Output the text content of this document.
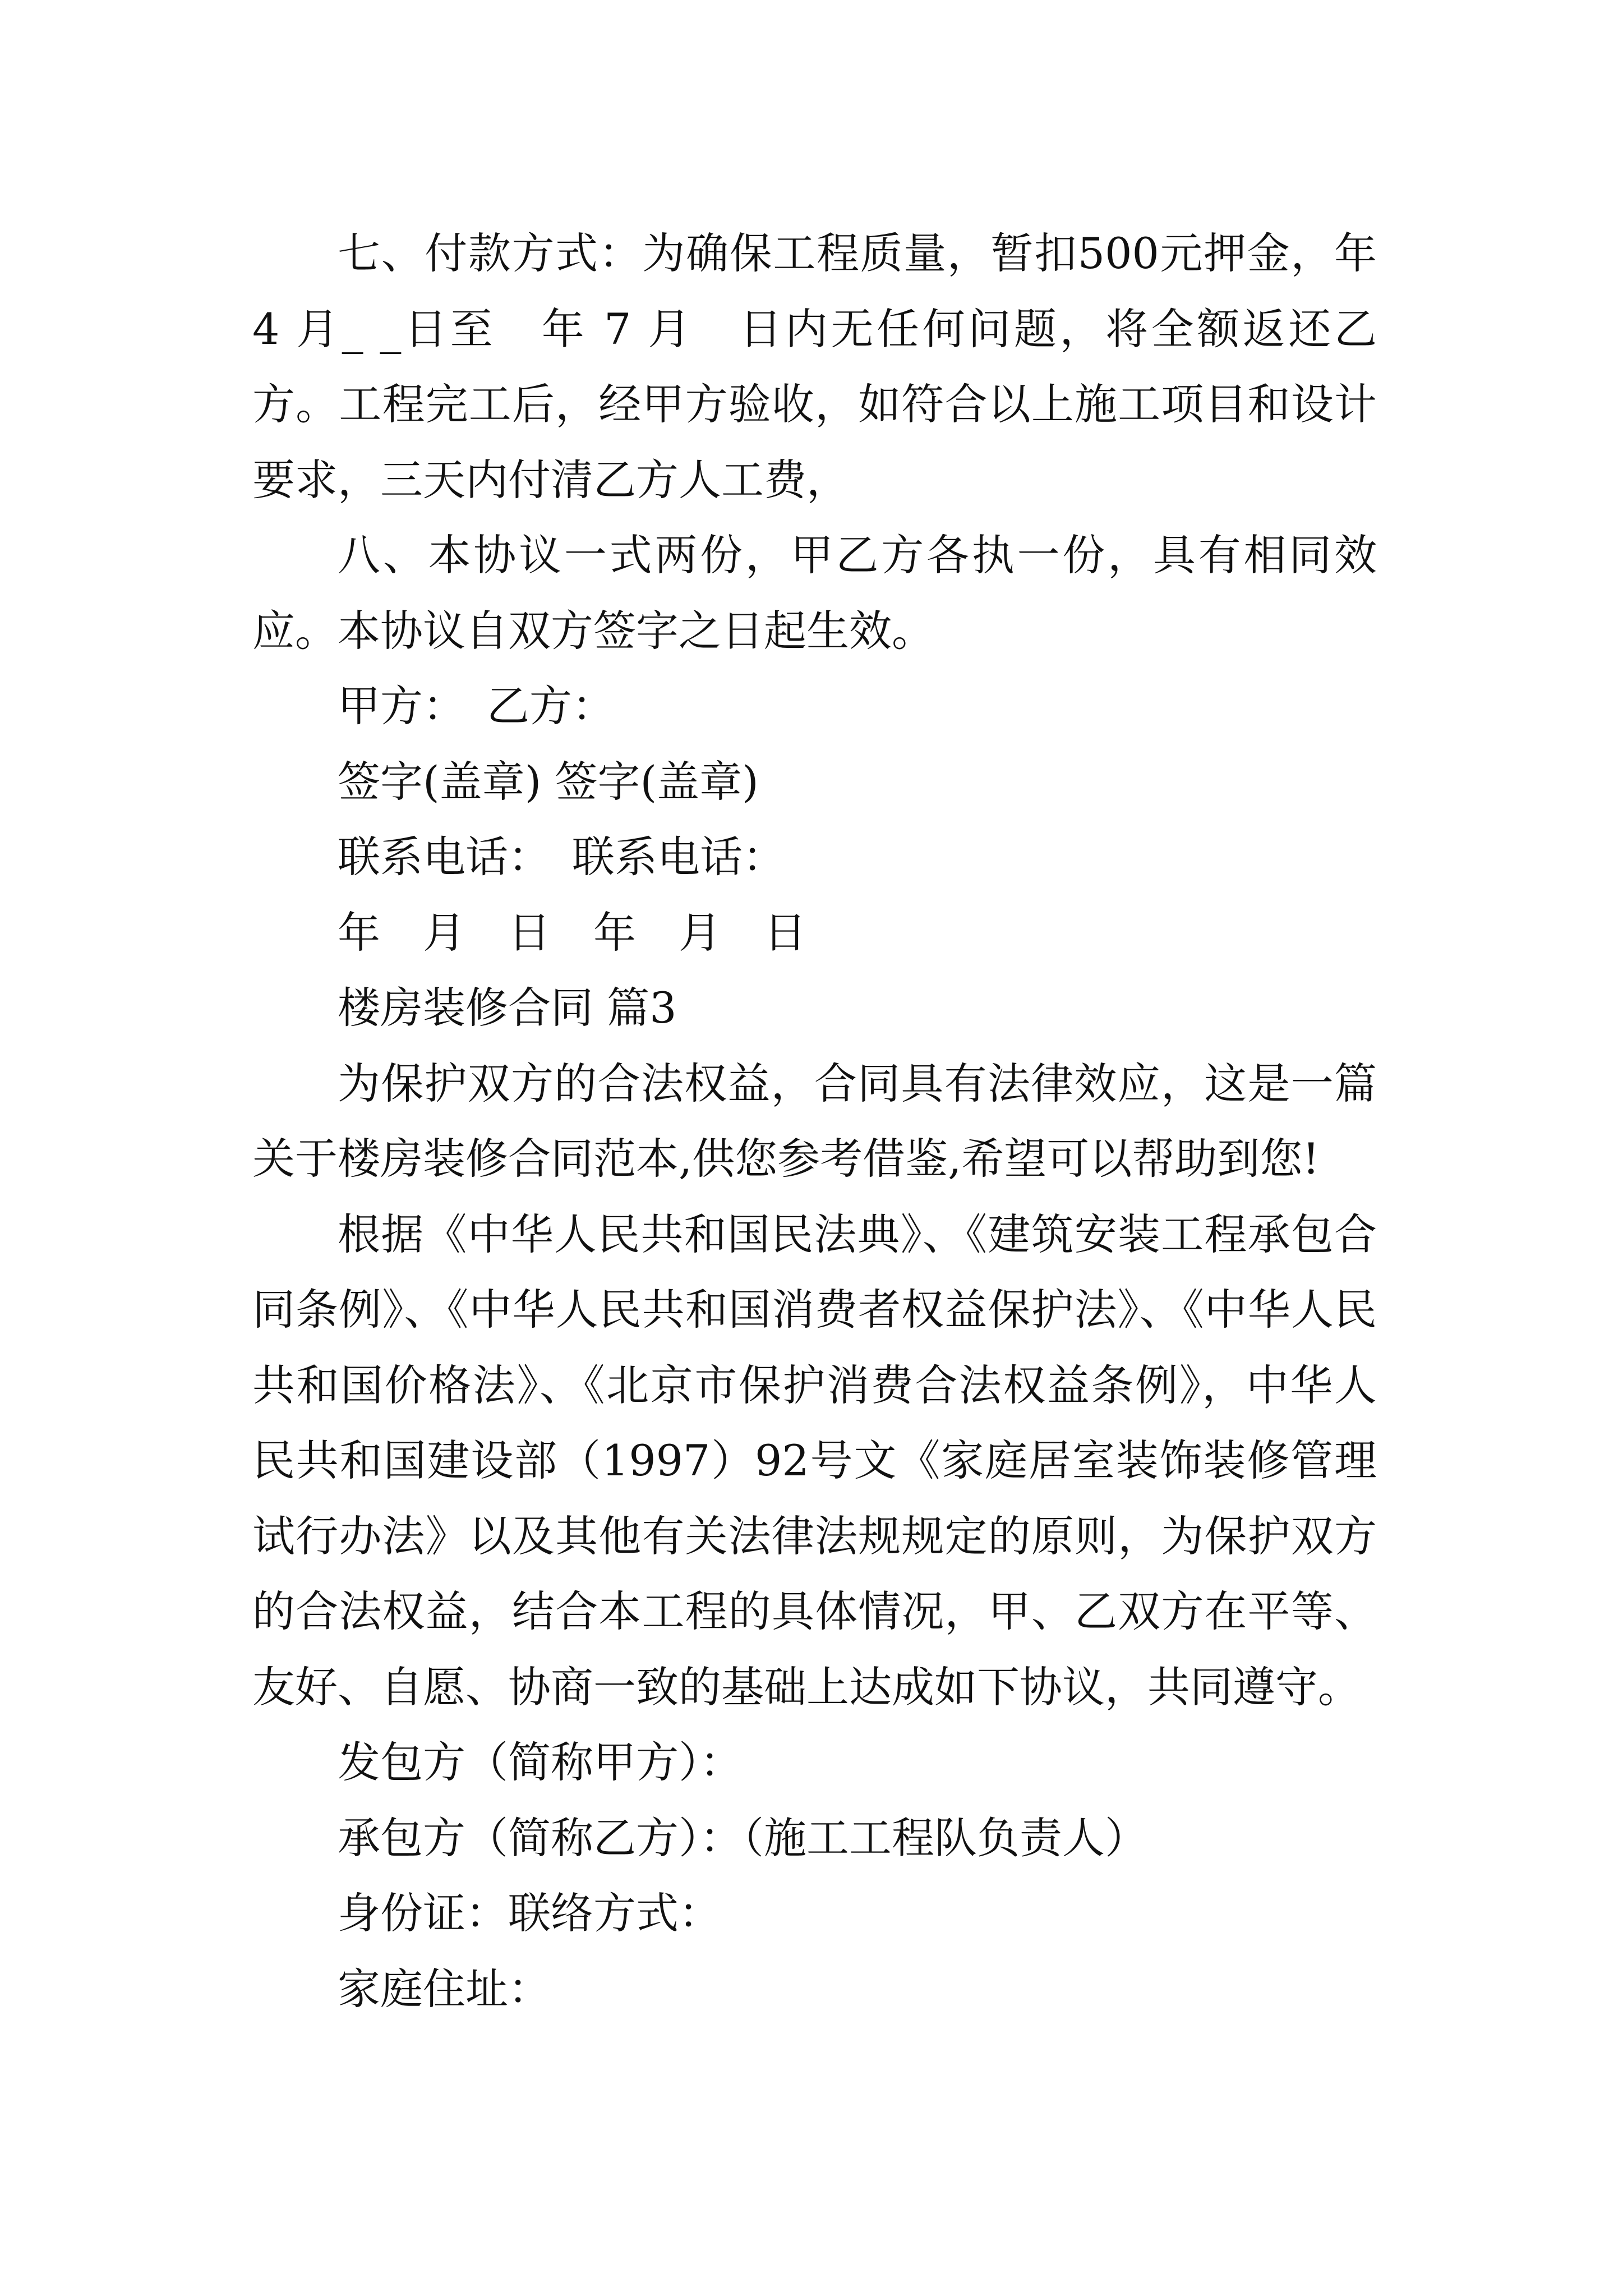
七、付款方式：为确保工程质量，暂扣500元押金，年 4 月_ _日至　年 7 月　日内无任何问题，将全额返还乙方。工程完工后，经甲方验收，如符合以上施工项目和设计要求，三天内付清乙方人工费，

八、本协议一式两份，甲乙方各执一份，具有相同效应。本协议自双方签字之日起生效。

甲方：　乙方：

签字(盖章) 签字(盖章)

联系电话：　联系电话：

年　月　日　年　月　日

楼房装修合同 篇3

为保护双方的合法权益，合同具有法律效应，这是一篇关于楼房装修合同范本,供您参考借鉴,希望可以帮助到您!

根据《中华人民共和国民法典》、《建筑安装工程承包合同条例》、《中华人民共和国消费者权益保护法》、《中华人民共和国价格法》、《北京市保护消费合法权益条例》，中华人民共和国建设部（1997）92号文《家庭居室装饰装修管理试行办法》以及其他有关法律法规规定的原则，为保护双方的合法权益，结合本工程的具体情况，甲、乙双方在平等、友好、自愿、协商一致的基础上达成如下协议，共同遵守。

发包方（简称甲方）：

承包方（简称乙方）：（施工工程队负责人）

身份证：联络方式：

家庭住址：
